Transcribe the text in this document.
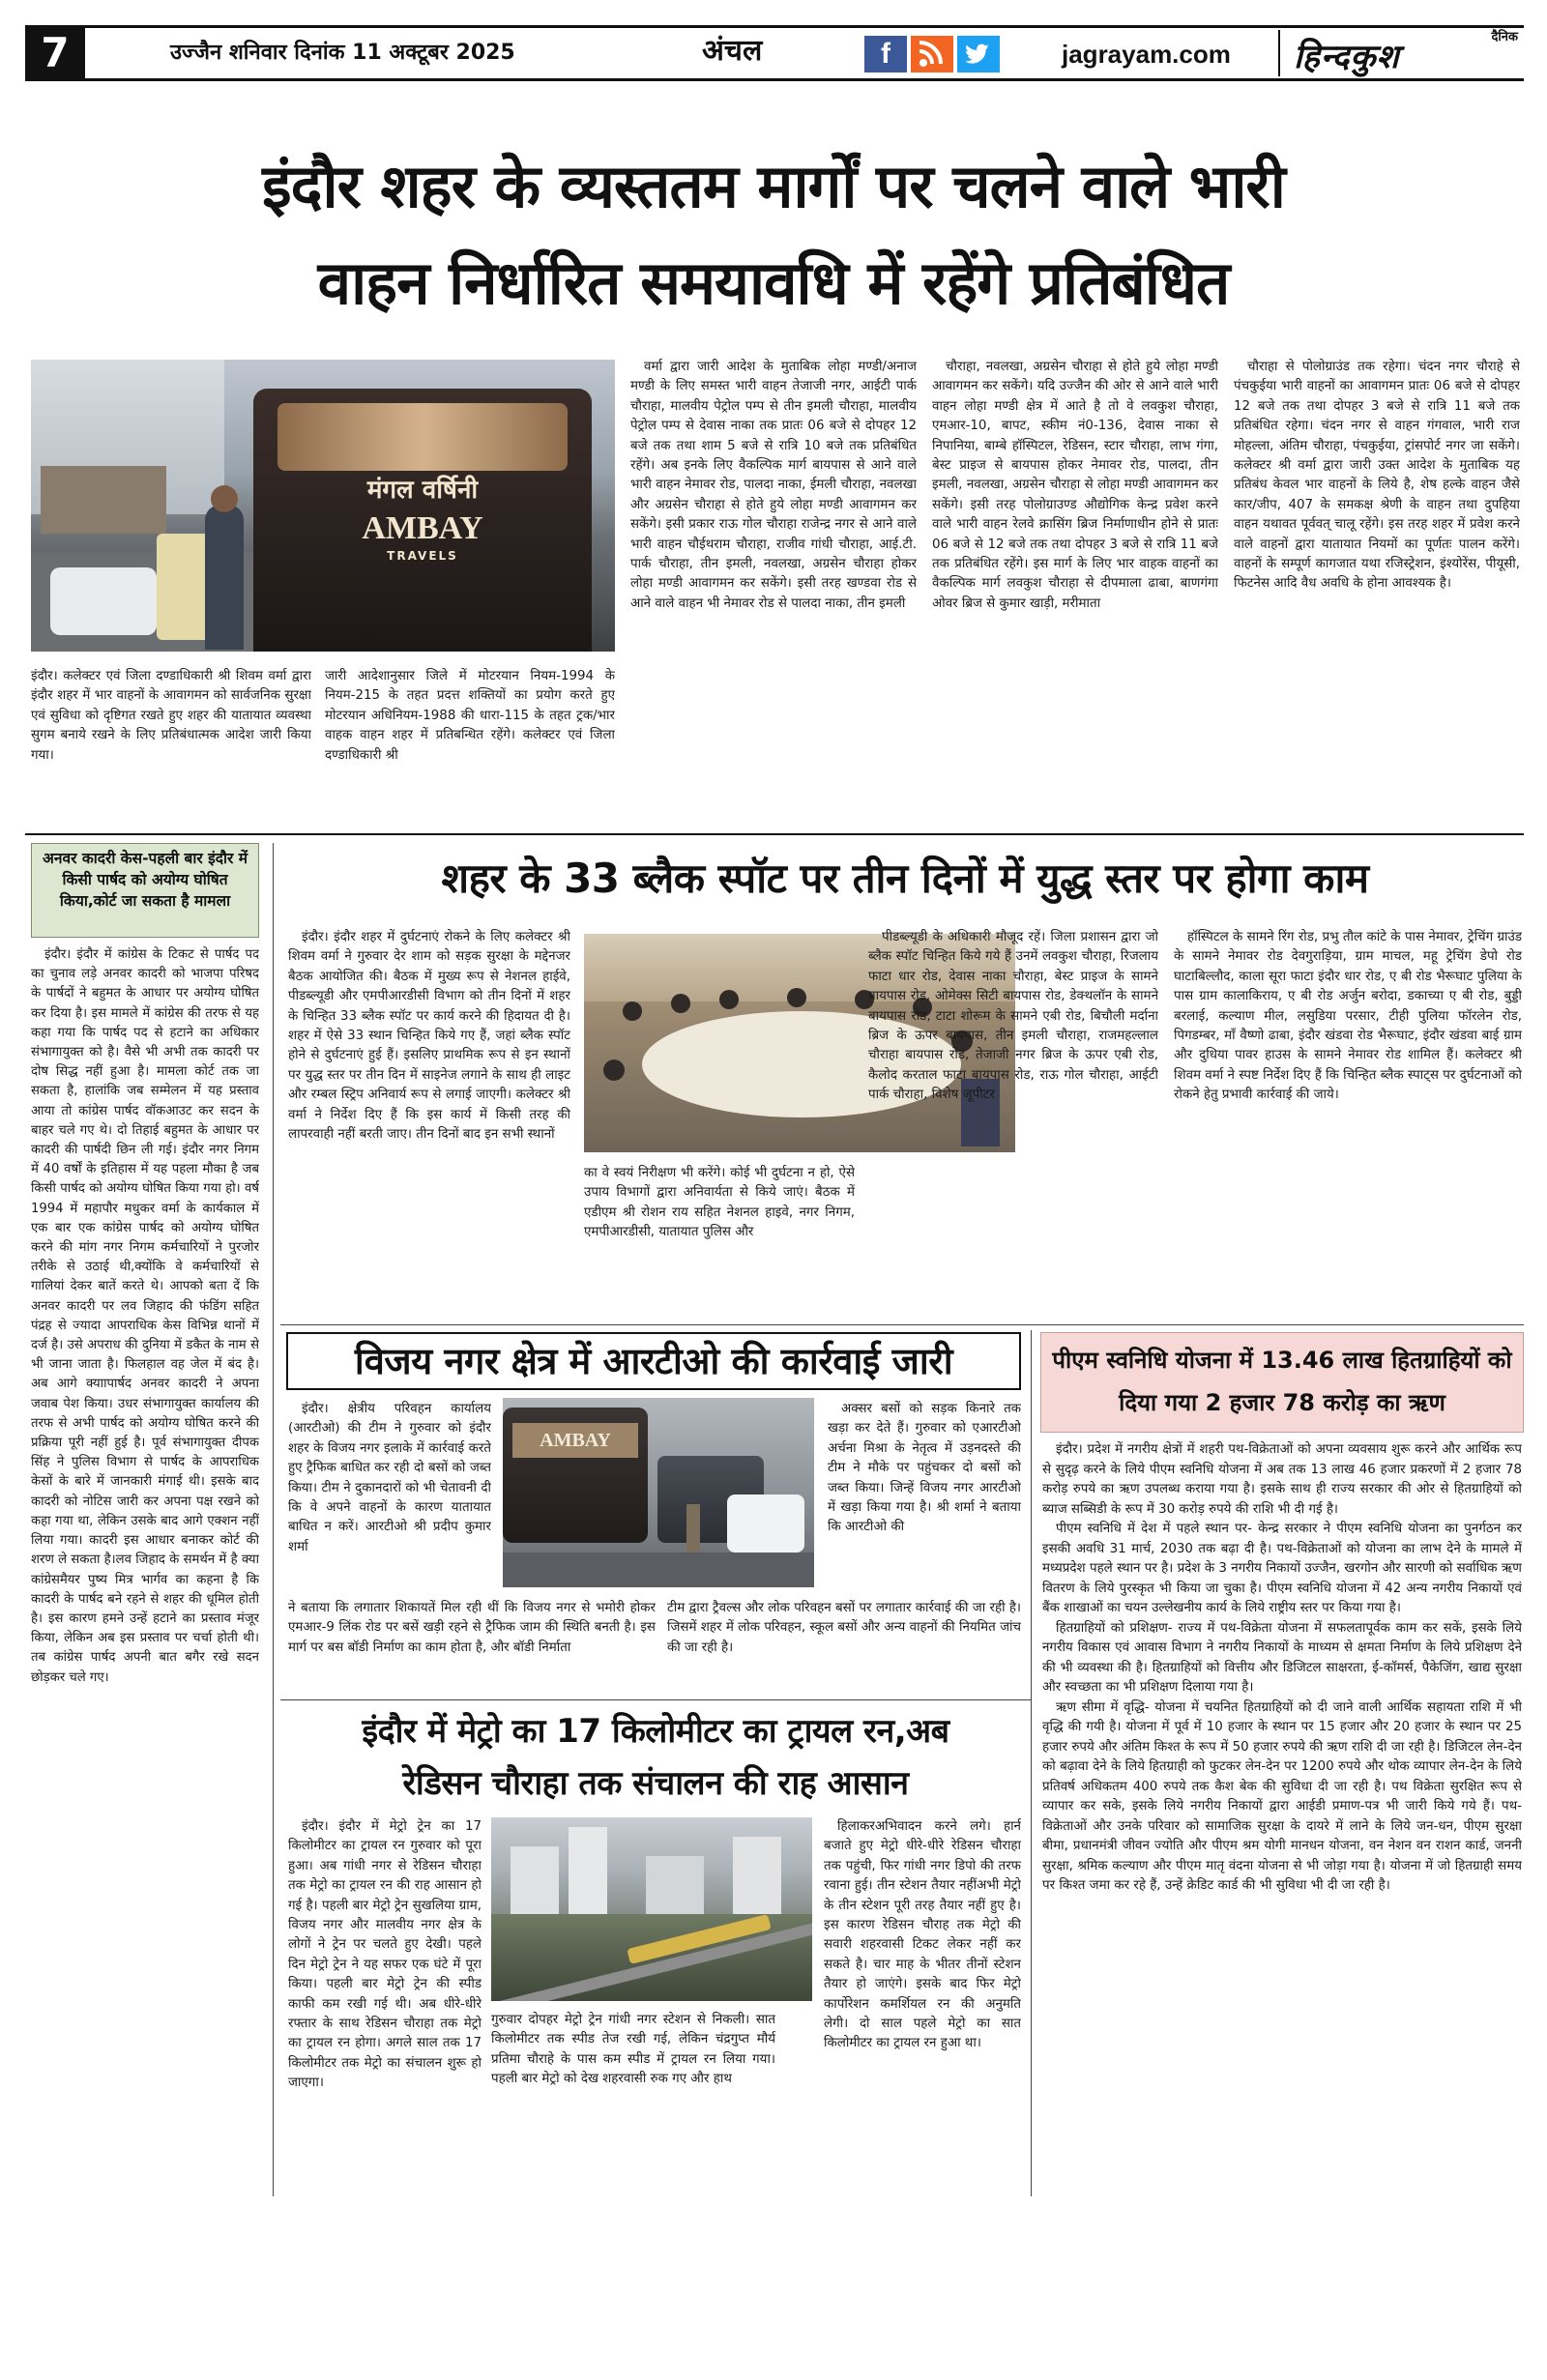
7	उज्जैन शनिवार दिनांक 11 अक्टूबर 2025	अंचल	f	jagrayam.com
दैनिक
हिन्दकुश
इंदौर शहर के व्यस्ततम मार्गों पर चलने वाले भारी
वाहन निर्धारित समयावधि में रहेंगे प्रतिबंधित
मंगल वर्षिनी
AMBAY
TRAVELS
इंदौर। कलेक्टर एवं जिला दण्डाधिकारी श्री शिवम वर्मा द्वारा इंदौर शहर में भार वाहनों के आवागमन को सार्वजनिक सुरक्षा एवं सुविधा को दृष्टिगत रखते हुए शहर की यातायात व्यवस्था सुगम बनाये रखने के लिए प्रतिबंधात्मक आदेश जारी किया गया।
जारी आदेशानुसार जिले में मोटरयान नियम-1994 के नियम-215 के तहत प्रदत्त शक्तियों का प्रयोग करते हुए मोटरयान अधिनियम-1988 की धारा-115 के तहत ट्रक/भार वाहक वाहन शहर में प्रतिबन्धित रहेंगे। कलेक्टर एवं जिला दण्डाधिकारी श्री

वर्मा द्वारा जारी आदेश के मुताबिक लोहा मण्डी/अनाज मण्डी के लिए समस्त भारी वाहन तेजाजी नगर, आईटी पार्क चौराहा, मालवीय पेट्रोल पम्प से तीन इमली चौराहा, मालवीय पेट्रोल पम्प से देवास नाका तक प्रातः 06 बजे से दोपहर 12 बजे तक तथा शाम 5 बजे से रात्रि 10 बजे तक प्रतिबंधित रहेंगे। अब इनके लिए वैकल्पिक मार्ग बायपास से आने वाले भारी वाहन नेमावर रोड, पालदा नाका, ईमली चौराहा, नवलखा और अग्रसेन चौराहा से होते हुये लोहा मण्डी आवागमन कर सकेंगे। इसी प्रकार राऊ गोल चौराहा राजेन्द्र नगर से आने वाले भारी वाहन चौईथराम चौराहा, राजीव गांधी चौराहा, आई.टी. पार्क चौराहा, तीन इमली, नवलखा, अग्रसेन चौराहा होकर लोहा मण्डी आवागमन कर सकेंगे। इसी तरह खण्डवा रोड से आने वाले वाहन भी नेमावर रोड से पालदा नाका, तीन इमली

चौराहा, नवलखा, अग्रसेन चौराहा से होते हुये लोहा मण्डी आवागमन कर सकेंगे। यदि उज्जैन की ओर से आने वाले भारी वाहन लोहा मण्डी क्षेत्र में आते है तो वे लवकुश चौराहा, एमआर-10, बापट, स्कीम नं0-136, देवास नाका से निपानिया, बाम्बे हॉस्पिटल, रेडिसन, स्टार चौराहा, लाभ गंगा, बेस्ट प्राइज से बायपास होकर नेमावर रोड, पालदा, तीन इमली, नवलखा, अग्रसेन चौराहा से लोहा मण्डी आवागमन कर सकेंगे। इसी तरह पोलोग्राउण्ड औद्योगिक केन्द्र प्रवेश करने वाले भारी वाहन रेलवे क्रासिंग ब्रिज निर्माणाधीन होने से प्रातः 06 बजे से 12 बजे तक तथा दोपहर 3 बजे से रात्रि 11 बजे तक प्रतिबंधित रहेंगे। इस मार्ग के लिए भार वाहक वाहनों का वैकल्पिक मार्ग लवकुश चौराहा से दीपमाला ढाबा, बाणगंगा ओवर ब्रिज से कुमार खाड़ी, मरीमाता

चौराहा से पोलोग्राउंड तक रहेगा। चंदन नगर चौराहे से पंचकुईया भारी वाहनों का आवागमन प्रातः 06 बजे से दोपहर 12 बजे तक तथा दोपहर 3 बजे से रात्रि 11 बजे तक प्रतिबंधित रहेगा। चंदन नगर से वाहन गंगवाल, भारी राज मोहल्ला, अंतिम चौराहा, पंचकुईया, ट्रांसपोर्ट नगर जा सकेंगे। कलेक्टर श्री वर्मा द्वारा जारी उक्त आदेश के मुताबिक यह प्रतिबंध केवल भार वाहनों के लिये है, शेष हल्के वाहन जैसे कार/जीप, 407 के समकक्ष श्रेणी के वाहन तथा दुपहिया वाहन यथावत पूर्ववत् चालू रहेंगे। इस तरह शहर में प्रवेश करने वाले वाहनों द्वारा यातायात नियमों का पूर्णतः पालन करेंगे। वाहनों के सम्पूर्ण कागजात यथा रजिस्ट्रेशन, इंश्योरेंस, पीयूसी, फिटनेस आदि वैध अवधि के होना आवश्यक है।

अनवर कादरी केस-पहली बार इंदौर में किसी पार्षद को अयोग्य घोषित किया,कोर्ट जा सकता है मामला

इंदौर। इंदौर में कांग्रेस के टिकट से पार्षद पद का चुनाव लड़े अनवर कादरी को भाजपा परिषद के पार्षदों ने बहुमत के आधार पर अयोग्य घोषित कर दिया है। इस मामले में कांग्रेस की तरफ से यह कहा गया कि पार्षद पद से हटाने का अधिकार संभागायुक्त को है। वैसे भी अभी तक कादरी पर दोष सिद्ध नहीं हुआ है। मामला कोर्ट तक जा सकता है, हालांकि जब सम्मेलन में यह प्रस्ताव आया तो कांग्रेस पार्षद वॉकआउट कर सदन के बाहर चले गए थे। दो तिहाई बहुमत के आधार पर कादरी की पार्षदी छिन ली गई। इंदौर नगर निगम में 40 वर्षों के इतिहास में यह पहला मौका है जब किसी पार्षद को अयोग्य घोषित किया गया हो। वर्ष 1994 में महापौर मधुकर वर्मा के कार्यकाल में एक बार एक कांग्रेस पार्षद को अयोग्य घोषित करने की मांग नगर निगम कर्मचारियों ने पुरजोर तरीके से उठाई थी,क्योंकि वे कर्मचारियों से गालियां देकर बातें करते थे। आपको बता दें कि अनवर कादरी पर लव जिहाद की फंडिंग सहित पंद्रह से ज्यादा आपराधिक केस विभिन्न थानों में दर्ज है। उसे अपराध की दुनिया में डकैत के नाम से भी जाना जाता है। फिलहाल वह जेल में बंद है।अब आगे क्याापार्षद अनवर कादरी ने अपना जवाब पेश किया। उधर संभागायुक्त कार्यालय की तरफ से अभी पार्षद को अयोग्य घोषित करने की प्रक्रिया पूरी नहीं हुई है। पूर्व संभागायुक्त दीपक सिंह ने पुलिस विभाग से पार्षद के आपराधिक केसों के बारे में जानकारी मंगाई थी। इसके बाद कादरी को नोटिस जारी कर अपना पक्ष रखने को कहा गया था, लेकिन उसके बाद आगे एक्शन नहीं लिया गया। कादरी इस आधार बनाकर कोर्ट की शरण ले सकता है।लव जिहाद के समर्थन में है क्या कांग्रेसमैयर पुष्य मित्र भार्गव का कहना है कि कादरी के पार्षद बने रहने से शहर की धूमिल होती है। इस कारण हमने उन्हें हटाने का प्रस्ताव मंजूर किया, लेकिन अब इस प्रस्ताव पर चर्चा होती थी। तब कांग्रेस पार्षद अपनी बात बगैर रखे सदन छोड़कर चले गए।

शहर के 33 ब्लैक स्पॉट पर तीन दिनों में युद्ध स्तर पर होगा काम

इंदौर। इंदौर शहर में दुर्घटनाएं रोकने के लिए कलेक्टर श्री शिवम वर्मा ने गुरुवार देर शाम को सड़क सुरक्षा के मद्देनजर बैठक आयोजित की। बैठक में मुख्य रूप से नेशनल हाईवे, पीडब्ल्यूडी और एमपीआरडीसी विभाग को तीन दिनों में शहर के चिन्हित 33 ब्लैक स्पॉट पर कार्य करने की हिदायत दी है। शहर में ऐसे 33 स्थान चिन्हित किये गए हैं, जहां ब्लैक स्पॉट होने से दुर्घटनाएं हुई हैं। इसलिए प्राथमिक रूप से इन स्थानों पर युद्ध स्तर पर तीन दिन में साइनेज लगाने के साथ ही लाइट और रम्बल स्ट्रिप अनिवार्य रूप से लगाई जाएगी। कलेक्टर श्री वर्मा ने निर्देश दिए हैं कि इस कार्य में किसी तरह की लापरवाही नहीं बरती जाए। तीन दिनों बाद इन सभी स्थानों

का वे स्वयं निरीक्षण भी करेंगे। कोई भी दुर्घटना न हो, ऐसे उपाय विभागों द्वारा अनिवार्यता से किये जाएं। बैठक में एडीएम श्री रोशन राय सहित नेशनल हाइवे, नगर निगम, एमपीआरडीसी, यातायात पुलिस और

पीडब्ल्यूडी के अधिकारी मौजूद रहें। जिला प्रशासन द्वारा जो ब्लैक स्पॉट चिन्हित किये गये हैं उनमें लवकुश चौराहा, रिजलाय फाटा धार रोड, देवास नाका चौराहा, बेस्ट प्राइज के सामने बायपास रोड, ओमेक्स सिटी बायपास रोड, डेक्थलॉन के सामने बायपास रोड, टाटा शोरूम के सामने एबी रोड, बिचौली मर्दाना ब्रिज के ऊपर बायपास, तीन इमली चौराहा, राजमहल्लाल चौराहा बायपास रोड, तेजाजी नगर ब्रिज के ऊपर एबी रोड, कैलोद करताल फाटा बायपास रोड, राऊ गोल चौराहा, आईटी पार्क चौराहा, विशेष जूपीटर

हॉस्पिटल के सामने रिंग रोड, प्रभु तौल कांटे के पास नेमावर, ट्रेचिंग ग्राउंड के सामने नेमावर रोड देवगुराड़िया, ग्राम माचल, महू ट्रेचिंग डेपो रोड घाटाबिल्लौद, काला सूरा फाटा इंदौर धार रोड, ए बी रोड भैरूघाट पुलिया के पास ग्राम कालाकिराय, ए बी रोड अर्जुन बरोदा, डकाच्या ए बी रोड, बुड्डी बरलाई, कल्याण मील, लसुडिया परसार, टीही पुलिया फॉरलेन रोड, पिगडम्बर, माँ वैष्णो ढाबा, इंदौर खंडवा रोड भैरूघाट, इंदौर खंडवा बाई ग्राम और दुधिया पावर हाउस के सामने नेमावर रोड शामिल हैं। कलेक्टर श्री शिवम वर्मा ने स्पष्ट निर्देश दिए हैं कि चिन्हित ब्लैक स्पाट्स पर दुर्घटनाओं को रोकने हेतु प्रभावी कार्रवाई की जाये।

विजय नगर क्षेत्र में आरटीओ की कार्रवाई जारी

इंदौर। क्षेत्रीय परिवहन कार्यालय (आरटीओ) की टीम ने गुरुवार को इंदौर शहर के विजय नगर इलाके में कार्रवाई करते हुए ट्रैफिक बाधित कर रही दो बसों को जब्त किया। टीम ने दुकानदारों को भी चेतावनी दी कि वे अपने वाहनों के कारण यातायात बाधित न करें। आरटीओ श्री प्रदीप कुमार शर्मा

AMBAY

अक्सर बसों को सड़क किनारे तक खड़ा कर देते हैं। गुरुवार को एआरटीओ अर्चना मिश्रा के नेतृत्व में उड़नदस्ते की टीम ने मौके पर पहुंचकर दो बसों को जब्त किया। जिन्हें विजय नगर आरटीओ में खड़ा किया गया है। श्री शर्मा ने बताया कि आरटीओ की

ने बताया कि लगातार शिकायतें मिल रही थीं कि विजय नगर से भमोरी होकर एमआर-9 लिंक रोड पर बसें खड़ी रहने से ट्रैफिक जाम की स्थिति बनती है। इस मार्ग पर बस बॉडी निर्माण का काम होता है, और बॉडी निर्माता
टीम द्वारा ट्रैवल्स और लोक परिवहन बसों पर लगातार कार्रवाई की जा रही है। जिसमें शहर में लोक परिवहन, स्कूल बसों और अन्य वाहनों की नियमित जांच की जा रही है।
पीएम स्वनिधि योजना में 13.46 लाख हितग्राहियों को दिया गया 2 हजार 78 करोड़ का ऋण

इंदौर। प्रदेश में नगरीय क्षेत्रों में शहरी पथ-विक्रेताओं को अपना व्यवसाय शुरू करने और आर्थिक रूप से सुदृढ़ करने के लिये पीएम स्वनिधि योजना में अब तक 13 लाख 46 हजार प्रकरणों में 2 हजार 78 करोड़ रुपये का ऋण उपलब्ध कराया गया है। इसके साथ ही राज्य सरकार की ओर से हितग्राहियों को ब्याज सब्सिडी के रूप में 30 करोड़ रुपये की राशि भी दी गई है।

पीएम स्वनिधि में देश में पहले स्थान पर- केन्द्र सरकार ने पीएम स्वनिधि योजना का पुनर्गठन कर इसकी अवधि 31 मार्च, 2030 तक बढ़ा दी है। पथ-विक्रेताओं को योजना का लाभ देने के मामले में मध्यप्रदेश पहले स्थान पर है। प्रदेश के 3 नगरीय निकायों उज्जैन, खरगोन और सारणी को सर्वाधिक ऋण वितरण के लिये पुरस्कृत भी किया जा चुका है। पीएम स्वनिधि योजना में 42 अन्य नगरीय निकायों एवं बैंक शाखाओं का चयन उल्लेखनीय कार्य के लिये राष्ट्रीय स्तर पर किया गया है।

हितग्राहियों को प्रशिक्षण- राज्य में पथ-विक्रेता योजना में सफलतापूर्वक काम कर सकें, इसके लिये नगरीय विकास एवं आवास विभाग ने नगरीय निकायों के माध्यम से क्षमता निर्माण के लिये प्रशिक्षण देने की भी व्यवस्था की है। हितग्राहियों को वित्तीय और डिजिटल साक्षरता, ई-कॉमर्स, पैकेजिंग, खाद्य सुरक्षा और स्वच्छता का भी प्रशिक्षण दिलाया गया है।

ऋण सीमा में वृद्धि- योजना में चयनित हितग्राहियों को दी जाने वाली आर्थिक सहायता राशि में भी वृद्धि की गयी है। योजना में पूर्व में 10 हजार के स्थान पर 15 हजार और 20 हजार के स्थान पर 25 हजार रुपये और अंतिम किश्त के रूप में 50 हजार रुपये की ऋण राशि दी जा रही है। डिजिटल लेन-देन को बढ़ावा देने के लिये हितग्राही को फुटकर लेन-देन पर 1200 रुपये और थोक व्यापार लेन-देन के लिये प्रतिवर्ष अधिकतम 400 रुपये तक कैश बेक की सुविधा दी जा रही है। पथ विक्रेता सुरक्षित रूप से व्यापार कर सके, इसके लिये नगरीय निकायों द्वारा आईडी प्रमाण-पत्र भी जारी किये गये हैं। पथ-विक्रेताओं और उनके परिवार को सामाजिक सुरक्षा के दायरे में लाने के लिये जन-धन, पीएम सुरक्षा बीमा, प्रधानमंत्री जीवन ज्योति और पीएम श्रम योगी मानधन योजना, वन नेशन वन राशन कार्ड, जननी सुरक्षा, श्रमिक कल्याण और पीएम मातृ वंदना योजना से भी जोड़ा गया है। योजना में जो हितग्राही समय पर किश्त जमा कर रहे हैं, उन्हें क्रेडिट कार्ड की भी सुविधा भी दी जा रही है।

इंदौर में मेट्रो का 17 किलोमीटर का ट्रायल रन,अब
रेडिसन चौराहा तक संचालन की राह आसान

इंदौर। इंदौर में मेट्रो ट्रेन का 17 किलोमीटर का ट्रायल रन गुरुवार को पूरा हुआ। अब गांधी नगर से रेडिसन चौराहा तक मेट्रो का ट्रायल रन की राह आसान हो गई है। पहली बार मेट्रो ट्रेन सुखलिया ग्राम, विजय नगर और मालवीय नगर क्षेत्र के लोगों ने ट्रेन पर चलते हुए देखी। पहले दिन मेट्रो ट्रेन ने यह सफर एक घंटे में पूरा किया। पहली बार मेट्रो ट्रेन की स्पीड काफी कम रखी गई थी। अब धीरे-धीरे रफ्तार के साथ रेडिसन चौराहा तक मेट्रो का ट्रायल रन होगा। अगले साल तक 17 किलोमीटर तक मेट्रो का संचालन शुरू हो जाएगा।

गुरुवार दोपहर मेट्रो ट्रेन गांधी नगर स्टेशन से निकली। सात किलोमीटर तक स्पीड तेज रखी गई, लेकिन चंद्रगुप्त मौर्य प्रतिमा चौराहे के पास कम स्पीड में ट्रायल रन लिया गया। पहली बार मेट्रो को देख शहरवासी रुक गए और हाथ

हिलाकरअभिवादन करने लगे। हार्न बजाते हुए मेट्रो धीरे-धीरे रेडिसन चौराहा तक पहुंची, फिर गांधी नगर डिपो की तरफ रवाना हुई। तीन स्टेशन तैयार नहींअभी मेट्रो के तीन स्टेशन पूरी तरह तैयार नहीं हुए है। इस कारण रेडिसन चौराह तक मेट्रो की सवारी शहरवासी टिकट लेकर नहीं कर सकते है। चार माह के भीतर तीनों स्टेशन तैयार हो जाएंगे। इसके बाद फिर मेट्रो कार्पोरेशन कमर्शियल रन की अनुमति लेगी। दो साल पहले मेट्रो का सात किलोमीटर का ट्रायल रन हुआ था।
